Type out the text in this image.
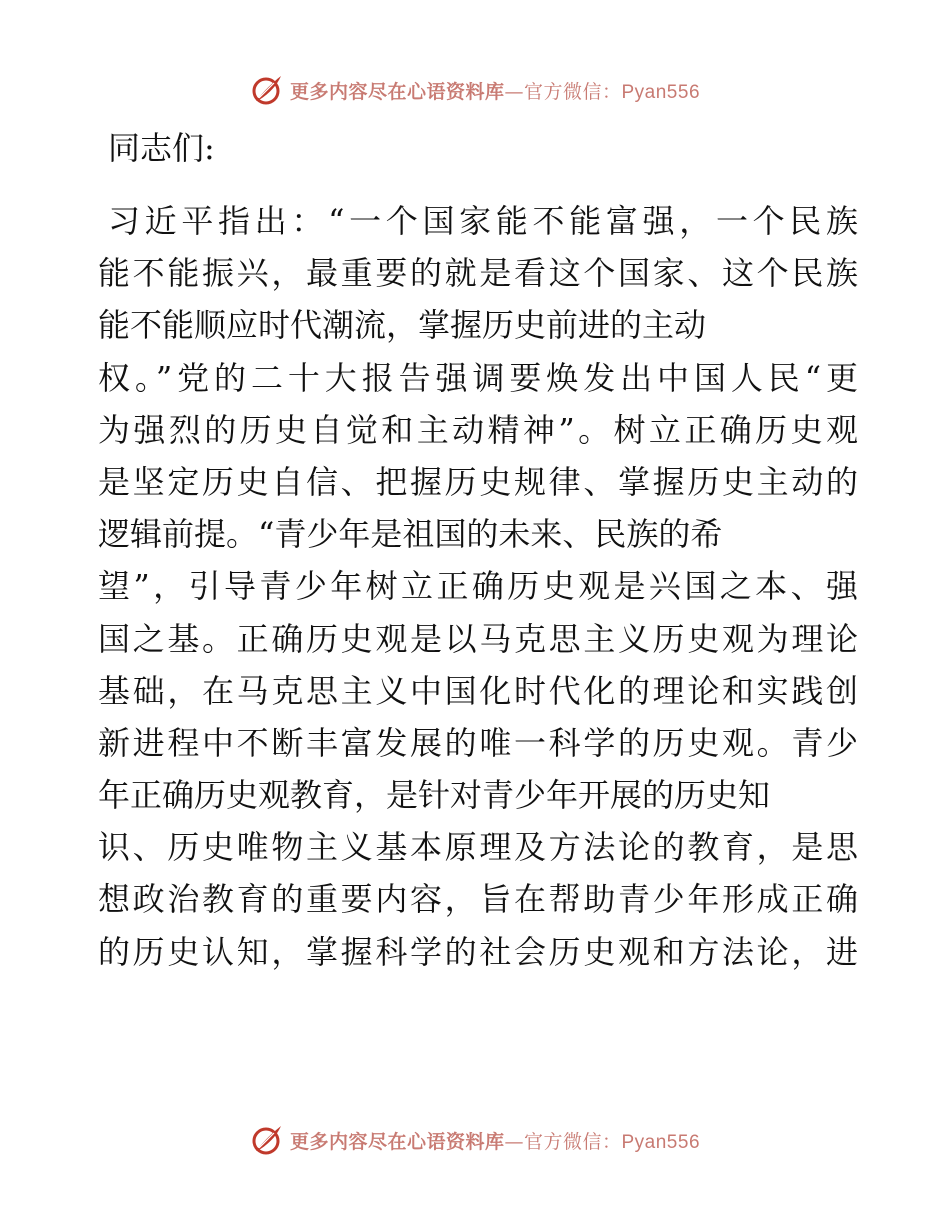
更多内容尽在心语资料库—官方微信：Pyan556
同志们:
习近平指出：“一个国家能不能富强，一个民族
能不能振兴，最重要的就是看这个国家、这个民族
能不能顺应时代潮流，掌握历史前进的主动
权。”党的二十大报告强调要焕发出中国人民“更
为强烈的历史自觉和主动精神”。树立正确历史观
是坚定历史自信、把握历史规律、掌握历史主动的
逻辑前提。“青少年是祖国的未来、民族的希
望”，引导青少年树立正确历史观是兴国之本、强
国之基。正确历史观是以马克思主义历史观为理论
基础，在马克思主义中国化时代化的理论和实践创
新进程中不断丰富发展的唯一科学的历史观。青少
年正确历史观教育，是针对青少年开展的历史知
识、历史唯物主义基本原理及方法论的教育，是思
想政治教育的重要内容，旨在帮助青少年形成正确
的历史认知，掌握科学的社会历史观和方法论，进
更多内容尽在心语资料库—官方微信：Pyan556
